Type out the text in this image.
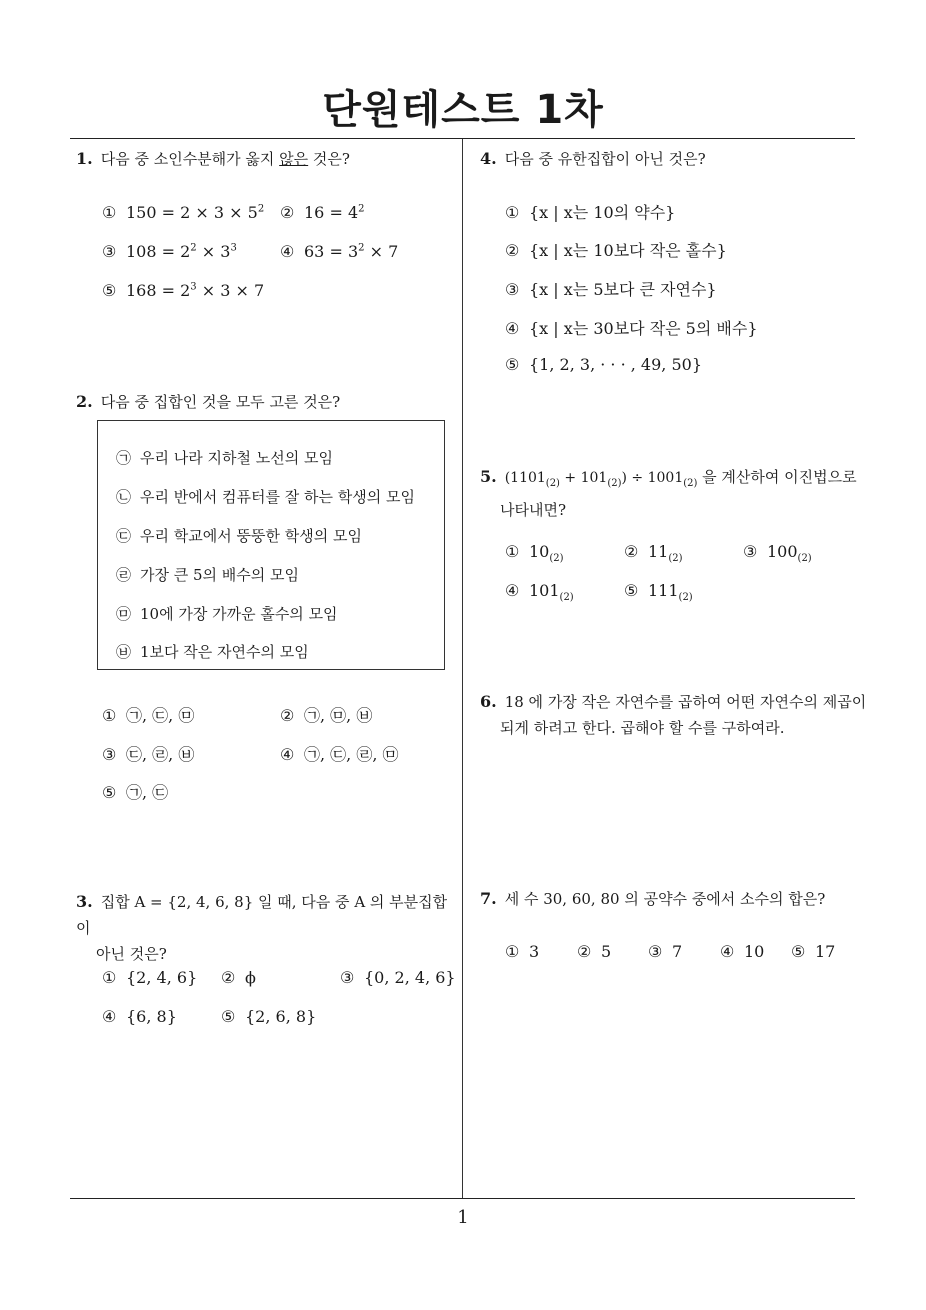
단원테스트 1차
1. 다음 중 소인수분해가 옳지 않은 것은?
① $150 = 2 \times 3 \times 5^2$ ② $16 = 4^2$
③ $108 = 2^2 \times 3^3$	④ $63 = 3^2 \times 7$
⑤ $168 = 2^3 \times 3 \times 7$
2. 다음 중 집합인 것을 모두 고른 것은?
㉠ 우리 나라 지하철 노선의 모임
㉡ 우리 반에서 컴퓨터를 잘 하는 학생의 모임
㉢ 우리 학교에서 뚱뚱한 학생의 모임
㉣ 가장 큰 5의 배수의 모임
㉤ 10에 가장 가까운 홀수의 모임
㉥ 1보다 작은 자연수의 모임
① ㉠, ㉢, ㉤	② ㉠, ㉤, ㉥
③ ㉢, ㉣, ㉥	④ ㉠, ㉢, ㉣, ㉤
⑤ ㉠, ㉢
3. 집합 A = {2, 4, 6, 8} 일 때, 다음 중 A 의 부분집합이
아닌 것은?
① {2, 4, 6} ② ϕ	③ {0, 2, 4, 6}
④ {6, 8}	⑤ {2, 6, 8}
4. 다음 중 유한집합이 아닌 것은?
① {x | x는 10의 약수}
② {x | x는 10보다 작은 홀수}
③ {x | x는 5보다 큰 자연수}
④ {x | x는 30보다 작은 5의 배수}
⑤ {1, 2, 3, · · · , 49, 50}
5. $(1101_{(2)} + 101_{(2)}) \div 1001_{(2)}$ 을 계산하여 이진법으로
나타내면?
① $10_{(2)}$	② $11_{(2)}$	③ $100_{(2)}$
④ $101_{(2)}$	⑤ $111_{(2)}$
6. 18 에 가장 작은 자연수를 곱하여 어떤 자연수의 제곱이
되게 하려고 한다. 곱해야 할 수를 구하여라.
7. 세 수 30, 60, 80 의 공약수 중에서 소수의 합은?
① 3 ② 5 ③ 7 ④ 10 ⑤ 17
1
